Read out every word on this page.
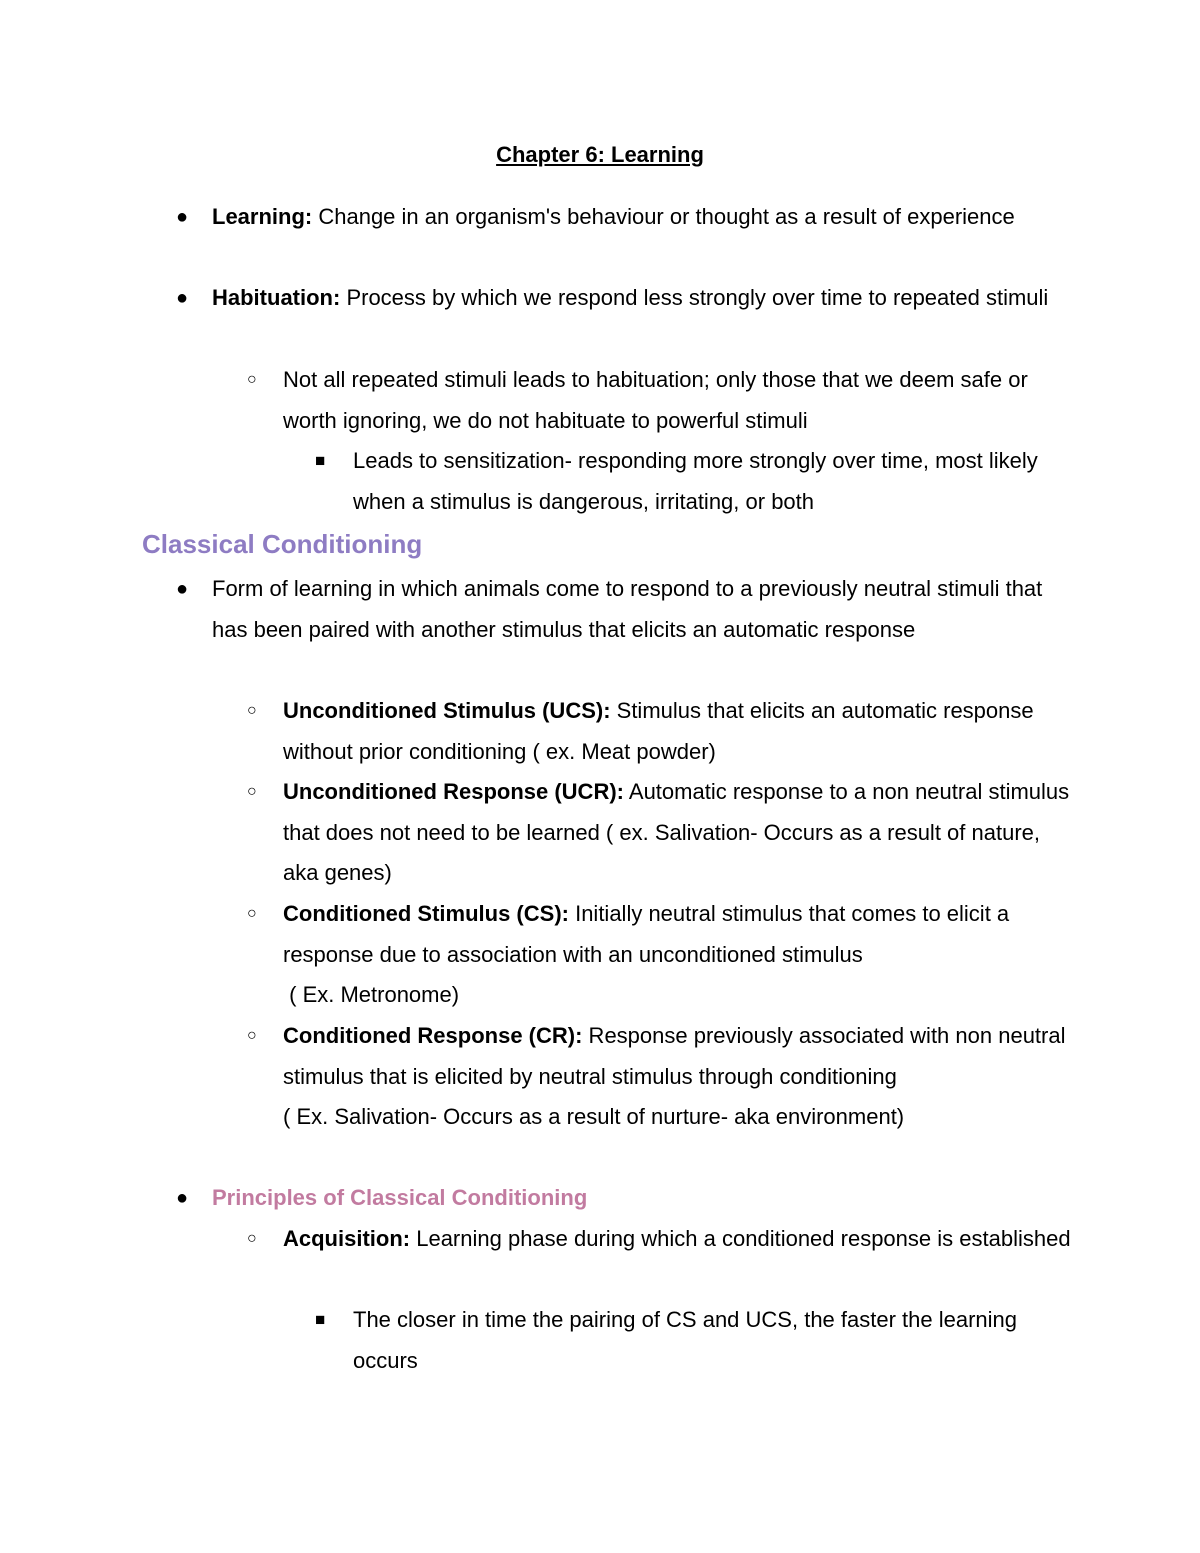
Chapter 6: Learning
● Learning: Change in an organism's behaviour or thought as a result of experience
● Habituation: Process by which we respond less strongly over time to repeated stimuli
○ Not all repeated stimuli leads to habituation; only those that we deem safe or worth ignoring, we do not habituate to powerful stimuli
■ Leads to sensitization- responding more strongly over time, most likely when a stimulus is dangerous, irritating, or both
Classical Conditioning
● Form of learning in which animals come to respond to a previously neutral stimuli that has been paired with another stimulus that elicits an automatic response
○ Unconditioned Stimulus (UCS): Stimulus that elicits an automatic response without prior conditioning ( ex. Meat powder)
○ Unconditioned Response (UCR): Automatic response to a non neutral stimulus that does not need to be learned ( ex. Salivation- Occurs as a result of nature, aka genes)
○ Conditioned Stimulus (CS): Initially neutral stimulus that comes to elicit a response due to association with an unconditioned stimulus
( Ex. Metronome)
○ Conditioned Response (CR): Response previously associated with non neutral stimulus that is elicited by neutral stimulus through conditioning
( Ex. Salivation- Occurs as a result of nurture- aka environment)
● Principles of Classical Conditioning
○ Acquisition: Learning phase during which a conditioned response is established
■ The closer in time the pairing of CS and UCS, the faster the learning occurs
